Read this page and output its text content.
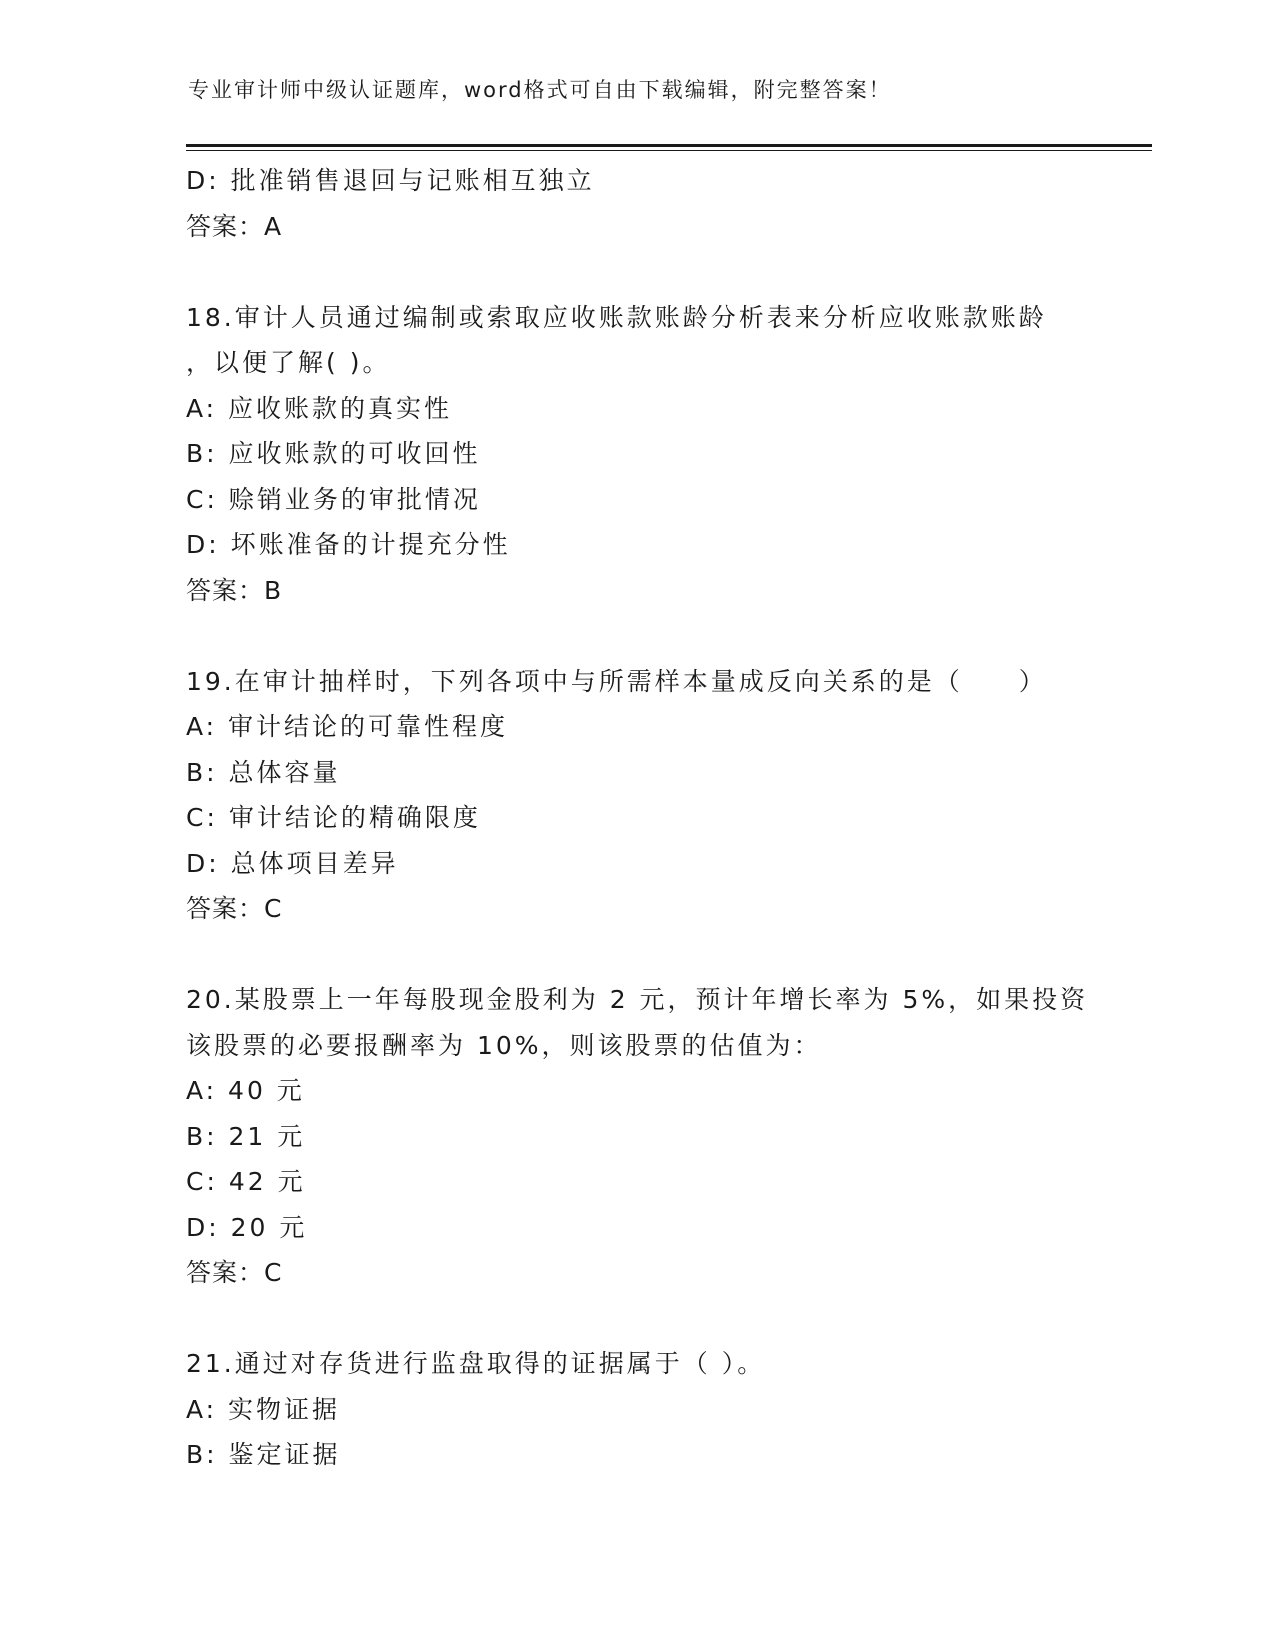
专业审计师中级认证题库，word格式可自由下载编辑，附完整答案！
D: 批准销售退回与记账相互独立
答案：A
18.审计人员通过编制或索取应收账款账龄分析表来分析应收账款账龄
，以便了解( )。
A: 应收账款的真实性
B: 应收账款的可收回性
C: 赊销业务的审批情况
D: 坏账准备的计提充分性
答案：B
19.在审计抽样时，下列各项中与所需样本量成反向关系的是（　　）
A: 审计结论的可靠性程度
B: 总体容量
C: 审计结论的精确限度
D: 总体项目差异
答案：C
20.某股票上一年每股现金股利为 2 元，预计年增长率为 5%，如果投资
该股票的必要报酬率为 10%，则该股票的估值为：
A: 40 元
B: 21 元
C: 42 元
D: 20 元
答案：C
21.通过对存货进行监盘取得的证据属于（ ）。
A: 实物证据
B: 鉴定证据
